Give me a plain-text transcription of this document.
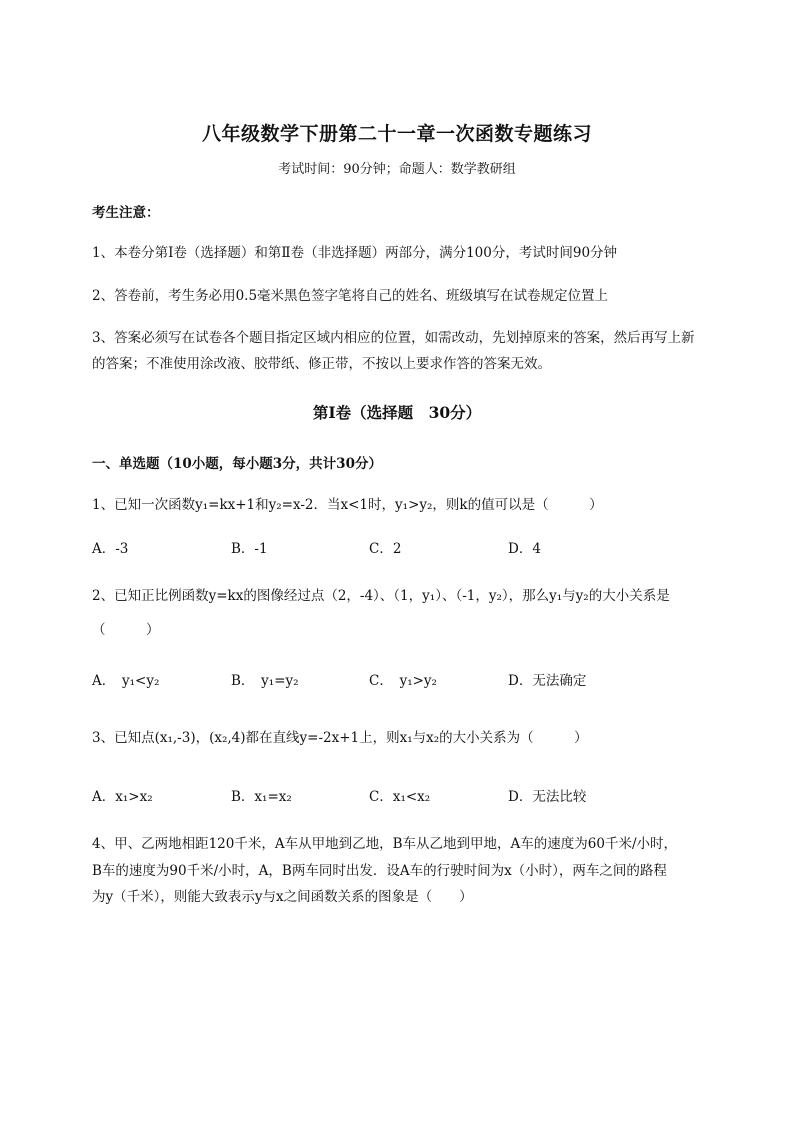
八年级数学下册第二十一章一次函数专题练习
考试时间：90分钟；命题人：数学教研组
考生注意：
1、本卷分第I卷（选择题）和第Ⅱ卷（非选择题）两部分，满分100分，考试时间90分钟
2、答卷前，考生务必用0.5毫米黑色签字笔将自己的姓名、班级填写在试卷规定位置上
3、答案必须写在试卷各个题目指定区域内相应的位置，如需改动，先划掉原来的答案，然后再写上新
的答案；不准使用涂改液、胶带纸、修正带，不按以上要求作答的答案无效。
第I卷（选择题　30分）
一、单选题（10小题，每小题3分，共计30分）
1、已知一次函数y₁=kx+1和y₂=x-2．当x<1时，y₁>y₂，则k的值可以是（　　　）
A．-3	B．-1	C．2	D．4
2、已知正比例函数y=kx的图像经过点（2，-4）、（1，y₁）、（-1，y₂），那么y₁与y₂的大小关系是
（　　　）
A．　y₁<y₂	B．　y₁=y₂	C．　y₁>y₂	D．无法确定
3、已知点(x₁,-3)，(x₂,4)都在直线y=-2x+1上，则x₁与x₂的大小关系为（　　　）
A．x₁>x₂	B．x₁=x₂	C．x₁<x₂	D．无法比较
4、甲、乙两地相距120千米，A车从甲地到乙地，B车从乙地到甲地，A车的速度为60千米/小时，
B车的速度为90千米/小时，A，B两车同时出发．设A车的行驶时间为x（小时），两车之间的路程
为y（千米），则能大致表示y与x之间函数关系的图象是（　　）
